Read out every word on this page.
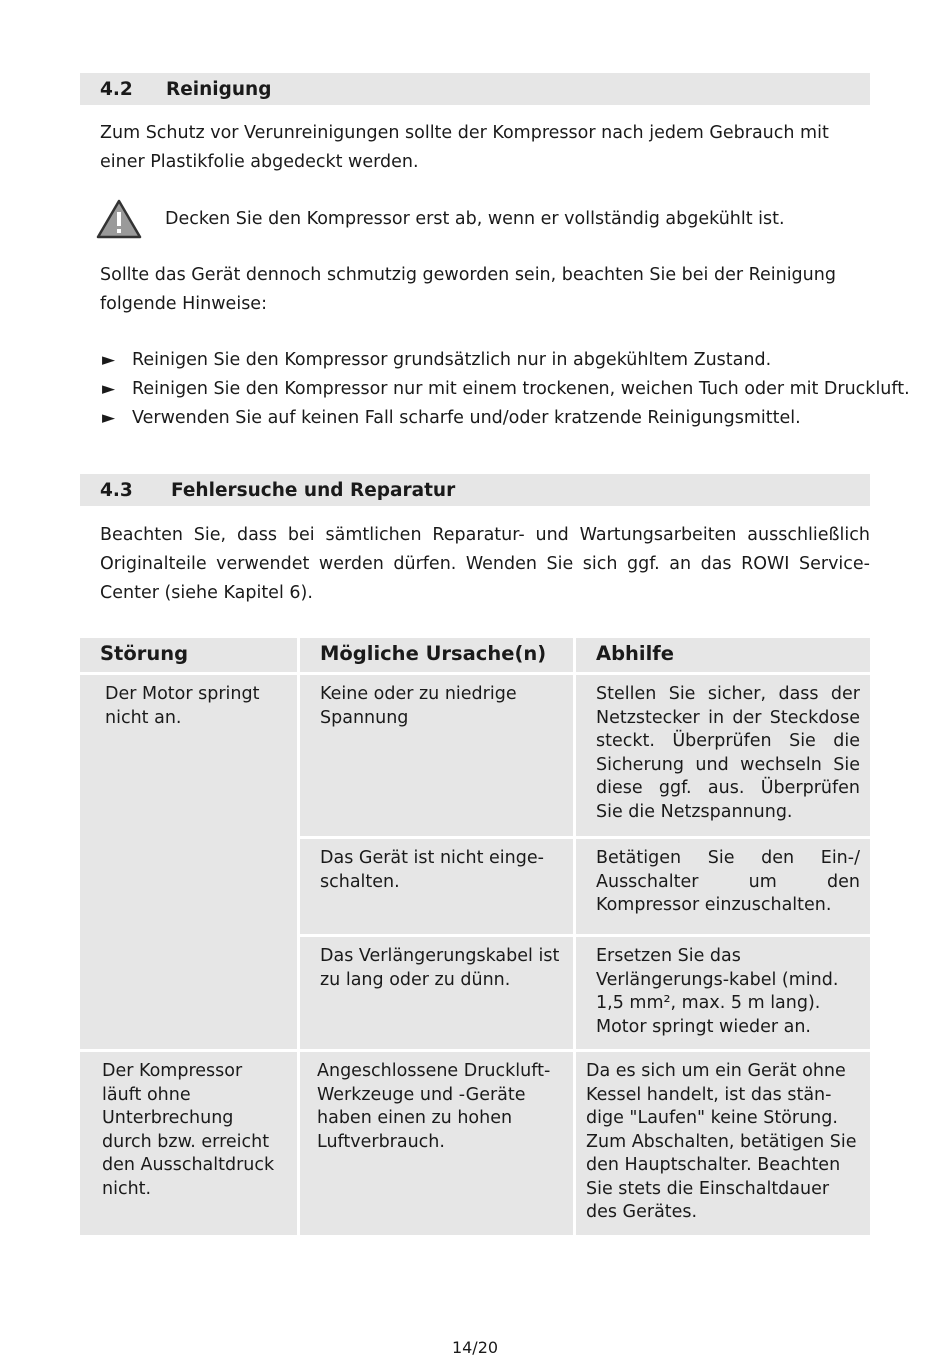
4.2	Reinigung

Zum Schutz vor Verunreinigungen sollte der Kompressor nach jedem Gebrauch mit einer Plastikfolie abgedeckt werden.

Decken Sie den Kompressor erst ab, wenn er vollständig abgekühlt ist.

Sollte das Gerät dennoch schmutzig geworden sein, beachten Sie bei der Reinigung folgende Hinweise:

► Reinigen Sie den Kompressor grundsätzlich nur in abgekühltem Zustand.
► Reinigen Sie den Kompressor nur mit einem trockenen, weichen Tuch oder mit Druckluft.
► Verwenden Sie auf keinen Fall scharfe und/oder kratzende Reinigungsmittel.
4.3	Fehlersuche und Reparatur

Beachten Sie, dass bei sämtlichen Reparatur- und Wartungsarbeiten ausschließlich Originalteile verwendet werden dürfen. Wenden Sie sich ggf. an das ROWI Service-Center (siehe Kapitel 6).

Störung	Mögliche Ursache(n)	Abhilfe
Der Motor springt nicht an.	Keine oder zu niedrige Spannung	Stellen Sie sicher, dass der Netzstecker in der Steckdose steckt. Überprüfen Sie die Sicherung und wechseln Sie diese ggf. aus. Überprüfen Sie die Netzspannung.
	Das Gerät ist nicht einge-schalten.	Betätigen Sie den Ein-/ Ausschalter um den Kompressor einzuschalten.
	Das Verlängerungskabel ist zu lang oder zu dünn.	Ersetzen Sie das Verlängerungs-kabel (mind. 1,5 mm², max. 5 m lang). Motor springt wieder an.
Der Kompressor läuft ohne Unterbrechung durch bzw. erreicht den Ausschaltdruck nicht.	Angeschlossene Druckluft-Werkzeuge und -Geräte haben einen zu hohen Luftverbrauch.	Da es sich um ein Gerät ohne Kessel handelt, ist das stän-dige "Laufen" keine Störung. Zum Abschalten, betätigen Sie den Hauptschalter. Beachten Sie stets die Einschaltdauer des Gerätes.
14/20
